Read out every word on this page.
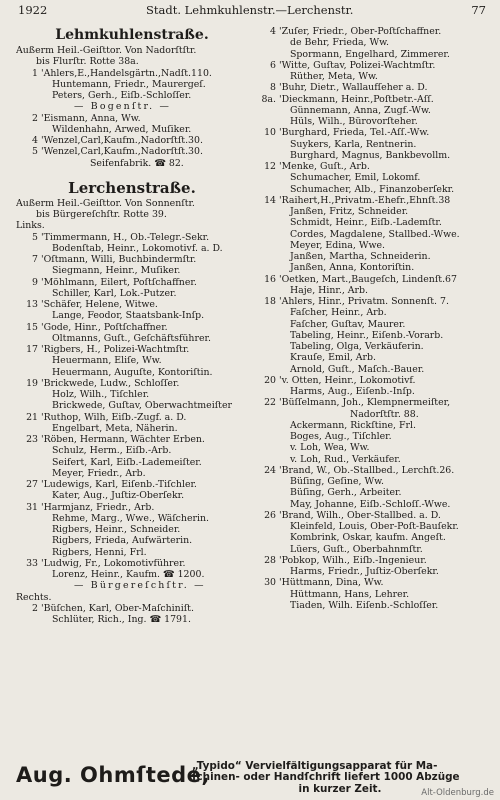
1922	Stadt. Lehmkuhlenstr.—Lerchenstr.	77
Lehmkuhlenstraße.
Außerm Heil.-Geiſttor. Von Nadorſtſtr.
bis Flurſtr. Rotte 38a.
1 'Ahlers,E.,Handelsgärtn.,Nadſt.110.
Huntemann, Friedr., Maurergeſ.
Peters, Gerh., Eiſb.-Schloſſer.
— Bogenſtr. —
2 'Eismann, Anna, Ww.
Wildenhahn, Arwed, Muſiker.
4 'Wenzel,Carl,Kaufm.,Nadorſtſt.30.
5 'Wenzel,Carl,Kaufm.,Nadorſtſt.30.
Seifenfabrik. ☎ 82.
Lerchenstraße.
Außerm Heil.-Geiſttor. Von Sonnenſtr.
bis Bürgereſchſtr. Rotte 39.
Links.
5 'Timmermann, H., Ob.-Telegr.-Sekr.
Bodenſtab, Heinr., Lokomotivf. a. D.
7 'Oſtmann, Willi, Buchbindermſtr.
Siegmann, Heinr., Muſiker.
9 'Möhlmann, Eilert, Poſtſchaffner.
Schiller, Karl, Lok.-Putzer.
13 'Schäfer, Helene, Witwe.
Lange, Feodor, Staatsbank-Inſp.
15 'Gode, Hinr., Poſtſchaffner.
Oltmanns, Guſt., Geſchäftsführer.
17 'Rigbers, H., Polizei-Wachtmſtr.
Heuermann, Eliſe, Ww.
Heuermann, Auguſte, Kontoriſtin.
19 'Brickwede, Ludw., Schloſſer.
Holz, Wilh., Tiſchler.
Brickwede, Guſtav, Oberwachtmeiſter
21 'Ruthop, Wilh, Eiſb.-Zugf. a. D.
Engelbart, Meta, Näherin.
23 'Röben, Hermann, Wächter Erben.
Schulz, Herm., Eiſb.-Arb.
Seifert, Karl, Eiſb.-Lademeiſter.
Meyer, Friedr., Arb.
27 'Ludewigs, Karl, Eiſenb.-Tiſchler.
Kater, Aug., Juſtiz-Oberſekr.
31 'Harmjanz, Friedr., Arb.
Rehme, Marg., Wwe., Wäſcherin.
Rigbers, Heinr., Schneider.
Rigbers, Frieda, Aufwärterin.
Rigbers, Henni, Frl.
33 'Ludwig, Fr., Lokomotivführer.
Lorenz, Heinr., Kaufm. ☎ 1200.
— Bürgereſchſtr. —
Rechts.
2 'Büſchen, Karl, Ober-Maſchiniſt.
Schlüter, Rich., Ing. ☎ 1791.
4 'Zuſer, Friedr., Ober-Poſtſchaffner.
de Behr, Frieda, Ww.
Spormann, Engelhard, Zimmerer.
6 'Witte, Guſtav, Polizei-Wachtmſtr.
Rüther, Meta, Ww.
8 'Buhr, Dietr., Wallaufſeher a. D.
8a. 'Dieckmann, Heinr.,Poſtbetr.-Aſſ.
Günnemann, Anna, Zugf.-Ww.
Hüls, Wilh., Bürovorſteher.
10 'Burghard, Frieda, Tel.-Aſſ.-Ww.
Suykers, Karla, Rentnerin.
Burghard, Magnus, Bankbevollm.
12 'Menke, Guſt., Arb.
Schumacher, Emil, Lokomf.
Schumacher, Alb., Finanzoberſekr.
14 'Raihert,H.,Privatm.-Ehefr.,Ehnſt.38
Janßen, Fritz, Schneider.
Schmidt, Heinr., Eiſb.-Lademſtr.
Cordes, Magdalene, Stallbed.-Wwe.
Meyer, Edina, Wwe.
Janßen, Martha, Schneiderin.
Janßen, Anna, Kontoriſtin.
16 'Oetken, Mart.,Baugeſch, Lindenſt.67
Haje, Hinr., Arb.
18 'Ahlers, Hinr., Privatm. Sonnenſt. 7.
Faſcher, Heinr., Arb.
Faſcher, Guſtav, Maurer.
Tabeling, Heinr., Eiſenb.-Vorarb.
Tabeling, Olga, Verkäuferin.
Krauſe, Emil, Arb.
Arnold, Guſt., Maſch.-Bauer.
20 'v. Otten, Heinr., Lokomotivf.
Harms, Aug., Eiſenb.-Inſp.
22 'Büſſelmann, Joh., Klempnermeiſter,
Nadorſtſtr. 88.
Ackermann, Rickſtine, Frl.
Boges, Aug., Tiſchler.
v. Loh, Wea, Ww.
v. Loh, Rud., Verkäufer.
24 'Brand, W., Ob.-Stallbed., Lerchſt.26.
Büſing, Geſine, Ww.
Büſing, Gerh., Arbeiter.
May, Johanne, Eiſb.-Schloſſ.-Wwe.
26 'Brand, Wilh., Ober-Stallbed. a. D.
Kleinfeld, Louis, Ober-Poſt-Bauſekr.
Kombrink, Oskar, kaufm. Angeſt.
Lüers, Guſt., Oberbahnmſtr.
28 'Pobkop, Wilh., Eiſb.-Ingenieur.
Harms, Friedr., Juſtiz-Oberſekr.
30 'Hüttmann, Dina, Ww.
Hüttmann, Hans, Lehrer.
Tiaden, Wilh. Eiſenb.-Schloſſer.
Aug. Ohmſtede,
„Typido“ Vervielfältigungsapparat für Ma-
ſchinen- oder Handſchrift liefert 1000 Abzüge
in kurzer Zeit.	Alt-Oldenburg.de
